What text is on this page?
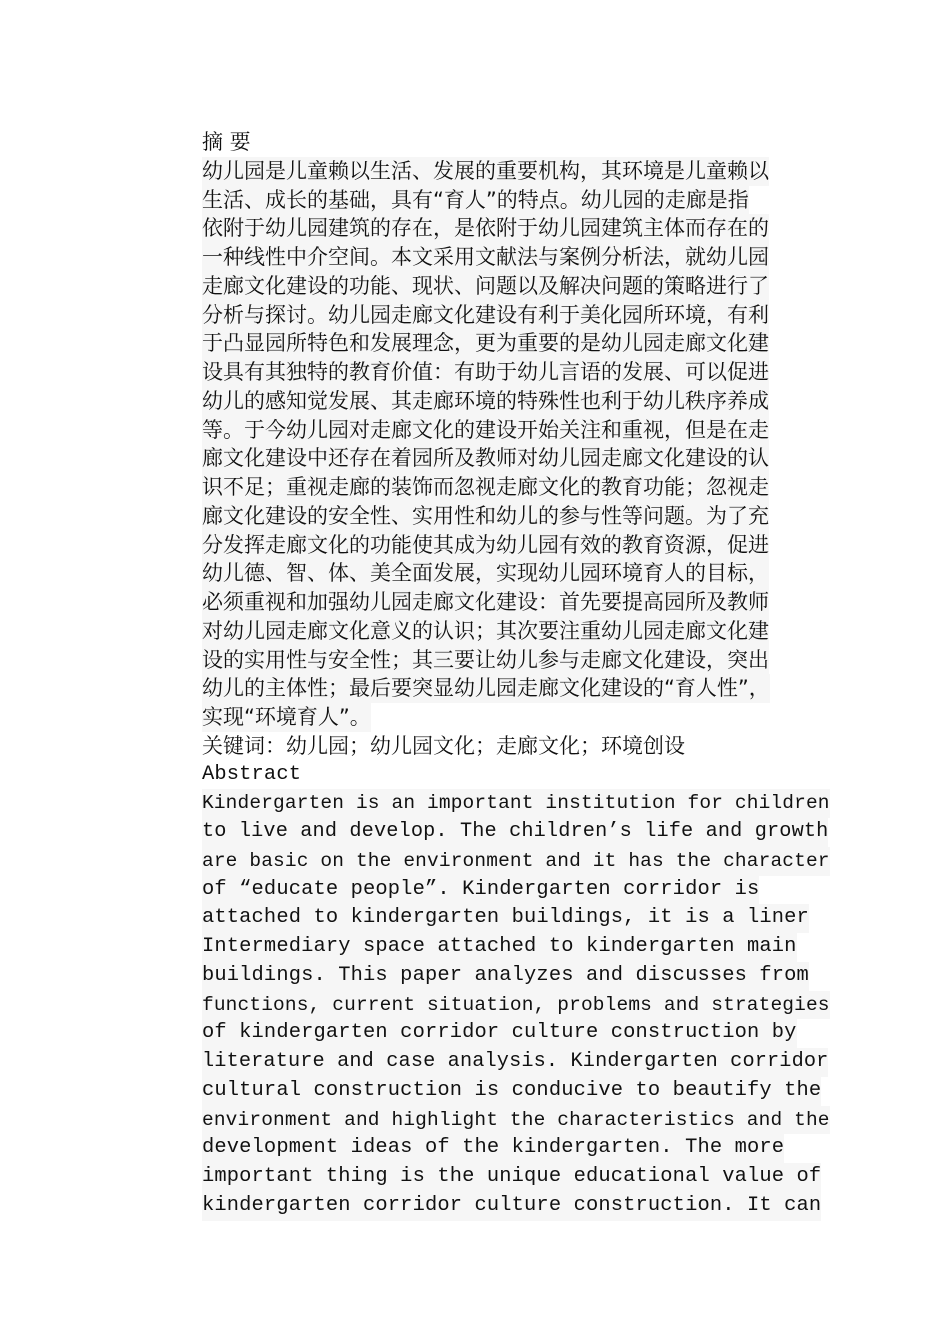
摘 要
幼儿园是儿童赖以生活、发展的重要机构，其环境是儿童赖以
生活、成长的基础，具有“育人”的特点。幼儿园的走廊是指
依附于幼儿园建筑的存在，是依附于幼儿园建筑主体而存在的
一种线性中介空间。本文采用文献法与案例分析法，就幼儿园
走廊文化建设的功能、现状、问题以及解决问题的策略进行了
分析与探讨。幼儿园走廊文化建设有利于美化园所环境，有利
于凸显园所特色和发展理念，更为重要的是幼儿园走廊文化建
设具有其独特的教育价值：有助于幼儿言语的发展、可以促进
幼儿的感知觉发展、其走廊环境的特殊性也利于幼儿秩序养成
等。于今幼儿园对走廊文化的建设开始关注和重视，但是在走
廊文化建设中还存在着园所及教师对幼儿园走廊文化建设的认
识不足；重视走廊的装饰而忽视走廊文化的教育功能；忽视走
廊文化建设的安全性、实用性和幼儿的参与性等问题。为了充
分发挥走廊文化的功能使其成为幼儿园有效的教育资源，促进
幼儿德、智、体、美全面发展，实现幼儿园环境育人的目标，
必须重视和加强幼儿园走廊文化建设：首先要提高园所及教师
对幼儿园走廊文化意义的认识；其次要注重幼儿园走廊文化建
设的实用性与安全性；其三要让幼儿参与走廊文化建设，突出
幼儿的主体性；最后要突显幼儿园走廊文化建设的“育人性”，
实现“环境育人”。
关键词：幼儿园；幼儿园文化；走廊文化；环境创设
Abstract
Kindergarten is an important institution for children
to live and develop. The children’s life and growth
are basic on the environment and it has the character
of “educate people”. Kindergarten corridor is
attached to kindergarten buildings, it is a liner
Intermediary space attached to kindergarten main
buildings. This paper analyzes and discusses from
functions, current situation, problems and strategies
of kindergarten corridor culture construction by
literature and case analysis. Kindergarten corridor
cultural construction is conducive to beautify the
environment and highlight the characteristics and the
development ideas of the kindergarten. The more
important thing is the unique educational value of
kindergarten corridor culture construction. It can
